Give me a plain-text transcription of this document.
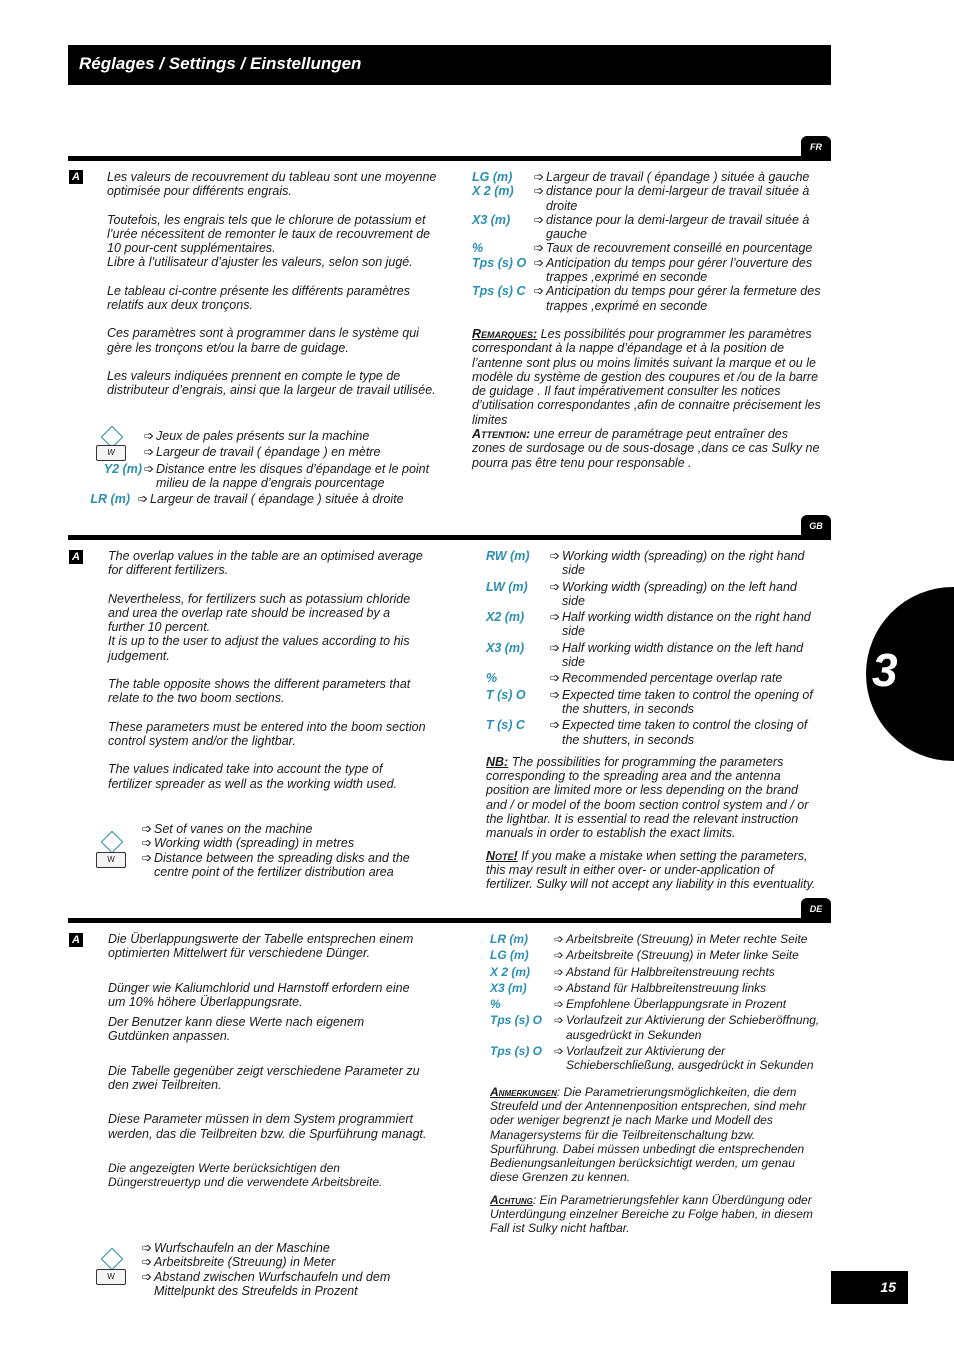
Réglages / Settings / Einstellungen
FR
A Les valeurs de recouvrement du tableau sont une moyenne optimisée pour différents engrais.

Toutefois, les engrais tels que le chlorure de potassium et l’urée nécessitent de remonter le taux de recouvrement de 10 pour-cent supplémentaires.

Libre à l’utilisateur d’ajuster les valeurs, selon son jugé.

Le tableau ci-contre présente les différents paramètres relatifs aux deux tronçons.

Ces paramètres sont à programmer dans le système qui gère les tronçons et/ou la barre de guidage.

Les valeurs indiquées prennent en compte le type de distributeur d’engrais, ainsi que la largeur de travail utilisée.

➩ Jeux de pales présents sur la machine
W	➩ Largeur de travail ( épandage ) en mètre
Y2 (m) ➩ Distance entre les disques d’épandage et le point milieu de la nappe d’engrais pourcentage
LR (m) ➩ Largeur de travail ( épandage ) située à droite
LG (m)	➩ Largeur de travail ( épandage ) située à gauche
X 2 (m)	➩ distance pour la demi-largeur de travail située à droite
X3 (m)	➩ distance pour la demi-largeur de travail située à gauche
%	➩ Taux de recouvrement conseillé en pourcentage
Tps (s) O ➩ Anticipation du temps pour gérer l’ouverture des trappes ,exprimé en seconde
Tps (s) C ➩ Anticipation du temps pour gérer la fermeture des trappes ,exprimé en seconde

Remarques: Les possibilités pour programmer les paramètres correspondant à la nappe d’épandage et à la position de l’antenne sont plus ou moins limités suivant la marque et ou le modèle du système de gestion des coupures et /ou de la barre de guidage . Il faut impérativement consulter les notices d’utilisation correspondantes ,afin de connaitre précisement les limites

Attention: une erreur de paramétrage peut entraîner des zones de surdosage ou de sous-dosage ,dans ce cas Sulky ne pourra pas être tenu pour responsable .

GB
A The overlap values in the table are an optimised average for different fertilizers.

Nevertheless, for fertilizers such as potassium chloride and urea the overlap rate should be increased by a further 10 percent.

It is up to the user to adjust the values according to his judgement.

The table opposite shows the different parameters that relate to the two boom sections.

These parameters must be entered into the boom section control system and/or the lightbar.

The values indicated take into account the type of fertilizer spreader as well as the working width used.

W
➩ Set of vanes on the machine
➩ Working width (spreading) in metres
➩ Distance between the spreading disks and the centre point of the fertilizer distribution area
RW (m)	➩ Working width (spreading) on the right hand side
LW (m)	➩ Working width (spreading) on the left hand side
X2 (m)	➩ Half working width distance on the right hand side
X3 (m)	➩ Half working width distance on the left hand side
%	➩ Recommended percentage overlap rate
T (s) O	➩ Expected time taken to control the opening of the shutters, in seconds
T (s) C	➩ Expected time taken to control the closing of the shutters, in seconds

NB: The possibilities for programming the parameters corresponding to the spreading area and the antenna position are limited more or less depending on the brand and / or model of the boom section control system and / or the lightbar. It is essential to read the relevant instruction manuals in order to establish the exact limits.

Note! If you make a mistake when setting the parameters, this may result in either over- or under-application of fertilizer. Sulky will not accept any liability in this eventuality.

DE
A Die Überlappungswerte der Tabelle entsprechen einem optimierten Mittelwert für verschiedene Dünger.

Dünger wie Kaliumchlorid und Harnstoff erfordern eine um 10% höhere Überlappungsrate.

Der Benutzer kann diese Werte nach eigenem Gutdünken anpassen.

Die Tabelle gegenüber zeigt verschiedene Parameter zu den zwei Teilbreiten.

Diese Parameter müssen in dem System programmiert werden, das die Teilbreiten bzw. die Spurführung managt.

Die angezeigten Werte berücksichtigen den Düngerstreuertyp und die verwendete Arbeitsbreite.

W
➩ Wurfschaufeln an der Maschine
➩ Arbeitsbreite (Streuung) in Meter
➩ Abstand zwischen Wurfschaufeln und dem Mittelpunkt des Streufelds in Prozent
LR (m)	➩ Arbeitsbreite (Streuung) in Meter rechte Seite
LG (m)	➩ Arbeitsbreite (Streuung) in Meter linke Seite
X 2 (m)	➩ Abstand für Halbbreitenstreuung rechts
X3 (m)	➩ Abstand für Halbbreitenstreuung links
%	➩ Empfohlene Überlappungsrate in Prozent
Tps (s) O ➩ Vorlaufzeit zur Aktivierung der Schieberöffnung, ausgedrückt in Sekunden
Tps (s) O ➩ Vorlaufzeit zur Aktivierung der Schieberschließung, ausgedrückt in Sekunden

Anmerkungen: Die Parametrierungsmöglichkeiten, die dem Streufeld und der Antennenposition entsprechen, sind mehr oder weniger begrenzt je nach Marke und Modell des Managersystems für die Teilbreitenschaltung bzw. Spurführung. Dabei müssen unbedingt die entsprechenden Bedienungsanleitungen berücksichtigt werden, um genau diese Grenzen zu kennen.

Achtung: Ein Parametrierungsfehler kann Überdüngung oder Unterdüngung einzelner Bereiche zu Folge haben, in diesem Fall ist Sulky nicht haftbar.

3
15
